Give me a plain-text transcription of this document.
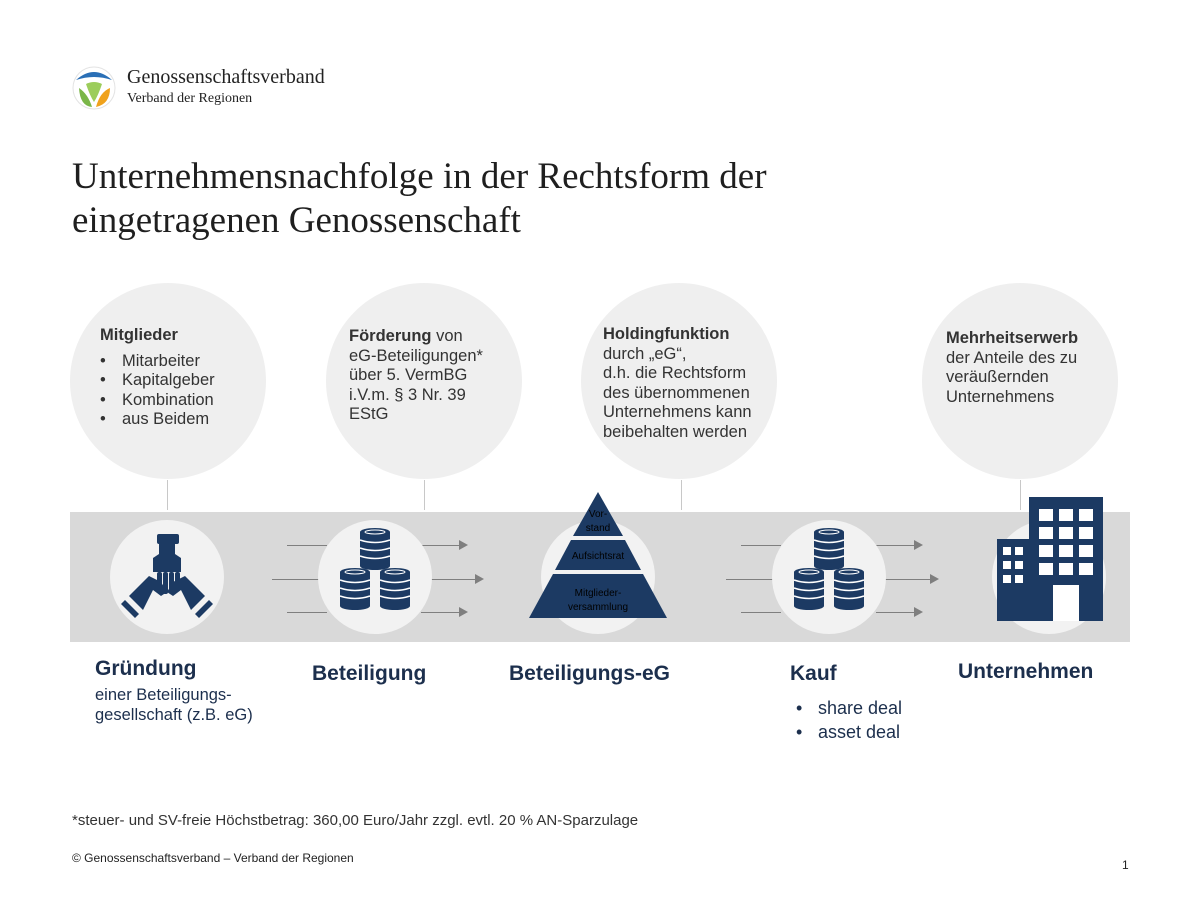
Genossenschaftsverband
Verband der Regionen
Unternehmensnachfolge in der Rechtsform der
eingetragenen Genossenschaft
Mitglieder
• Mitarbeiter
• Kapitalgeber
• Kombination
• aus Beidem
Förderung von
eG-Beteiligungen*
über 5. VermBG
i.V.m. § 3 Nr. 39
EStG
Holdingfunktion
durch „eG“,
d.h. die Rechtsform
des übernommenen
Unternehmens kann
beibehalten werden
Mehrheitserwerb
der Anteile des zu
veräußernden
Unternehmens
Vor-
stand
Aufsichtsrat
Mitglieder-
versammlung
Gründung
einer Beteiligungs-
gesellschaft (z.B. eG)
Beteiligung	Beteiligungs-eG	Kauf
• share deal
• asset deal
Unternehmen
*steuer- und SV-freie Höchstbetrag: 360,00 Euro/Jahr zzgl. evtl. 20 % AN-Sparzulage
© Genossenschaftsverband – Verband der Regionen	1
